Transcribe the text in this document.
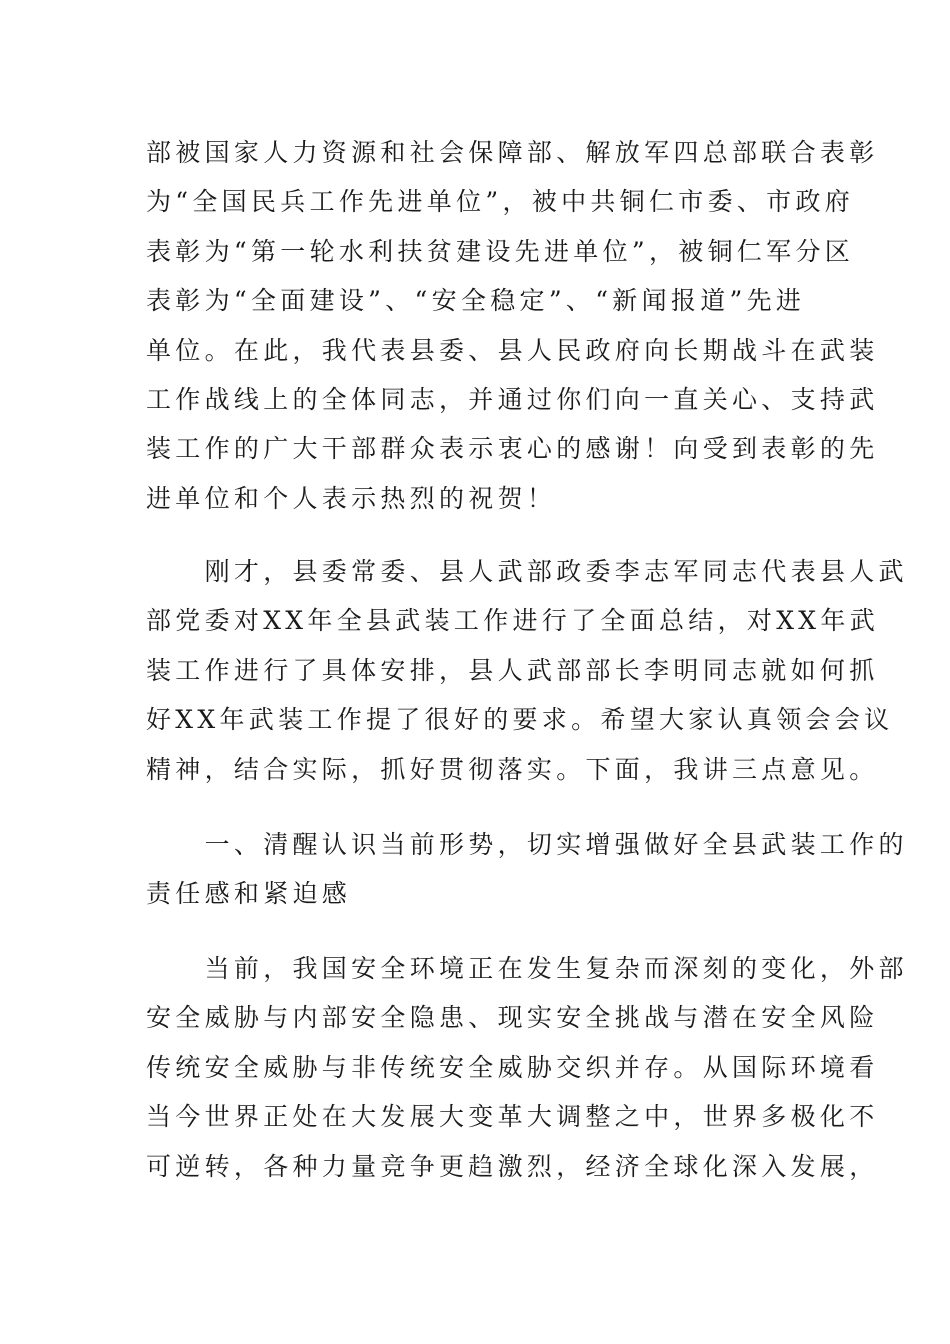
部被国家人力资源和社会保障部、解放军四总部联合表彰
为“全国民兵工作先进单位”，被中共铜仁市委、市政府
表彰为“第一轮水利扶贫建设先进单位”，被铜仁军分区
表彰为“全面建设”、“安全稳定”、“新闻报道”先进
单位。在此，我代表县委、县人民政府向长期战斗在武装
工作战线上的全体同志，并通过你们向一直关心、支持武
装工作的广大干部群众表示衷心的感谢！向受到表彰的先
进单位和个人表示热烈的祝贺！
　　刚才，县委常委、县人武部政委李志军同志代表县人武
部党委对XX年全县武装工作进行了全面总结，对XX年武
装工作进行了具体安排，县人武部部长李明同志就如何抓
好XX年武装工作提了很好的要求。希望大家认真领会会议
精神，结合实际，抓好贯彻落实。下面，我讲三点意见。
　　一、清醒认识当前形势，切实增强做好全县武装工作的
责任感和紧迫感
　　当前，我国安全环境正在发生复杂而深刻的变化，外部
安全威胁与内部安全隐患、现实安全挑战与潜在安全风险
传统安全威胁与非传统安全威胁交织并存。从国际环境看
当今世界正处在大发展大变革大调整之中，世界多极化不
可逆转，各种力量竞争更趋激烈，经济全球化深入发展，
